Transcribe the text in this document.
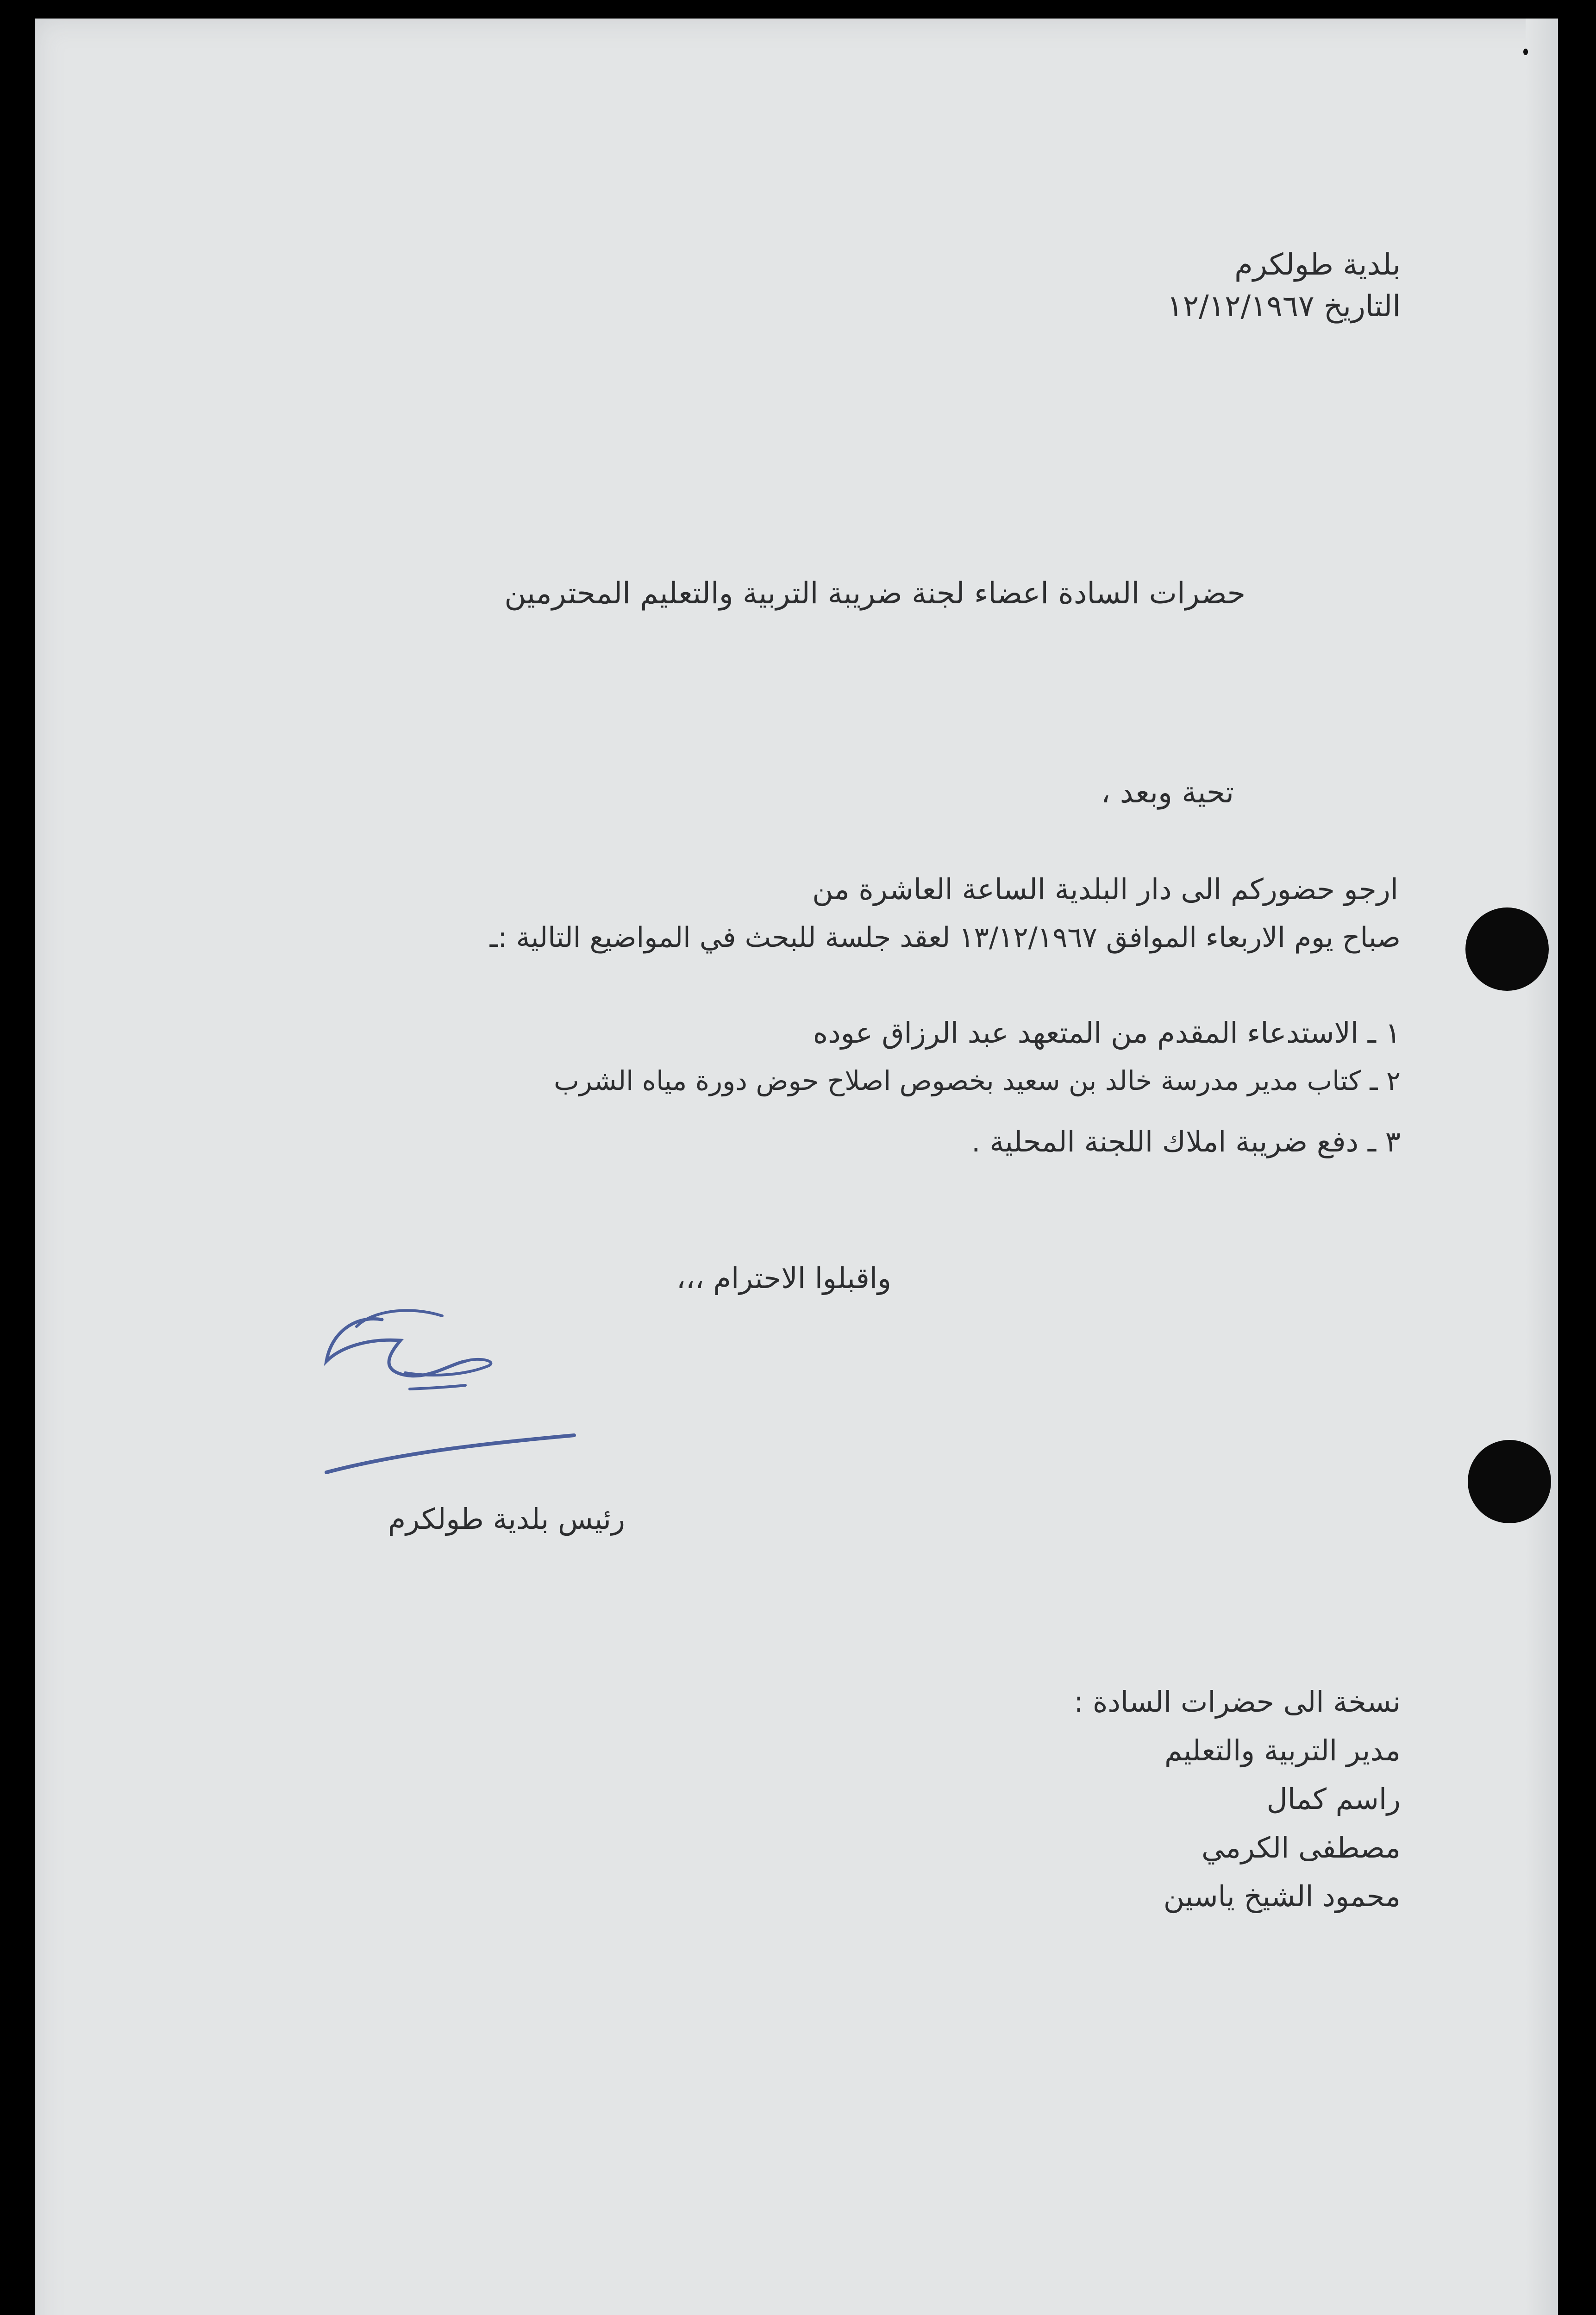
بلدية طولكرم
التاريخ ١٢/١٢/١٩٦٧
حضرات السادة اعضاء لجنة ضريبة التربية والتعليم المحترمين
تحية وبعد ،
ارجو حضوركم الى دار البلدية الساعة العاشرة من
صباح يوم الاربعاء الموافق ١٣/١٢/١٩٦٧ لعقد جلسة للبحث في المواضيع التالية :ـ
١ ـ الاستدعاء المقدم من المتعهد عبد الرزاق عوده
٢ ـ كتاب مدير مدرسة خالد بن سعيد بخصوص اصلاح حوض دورة مياه الشرب
٣ ـ دفع ضريبة املاك اللجنة المحلية .
واقبلوا الاحترام ،،،
رئيس بلدية طولكرم
نسخة الى حضرات السادة :
مدير التربية والتعليم
راسم كمال
مصطفى الكرمي
محمود الشيخ ياسين
